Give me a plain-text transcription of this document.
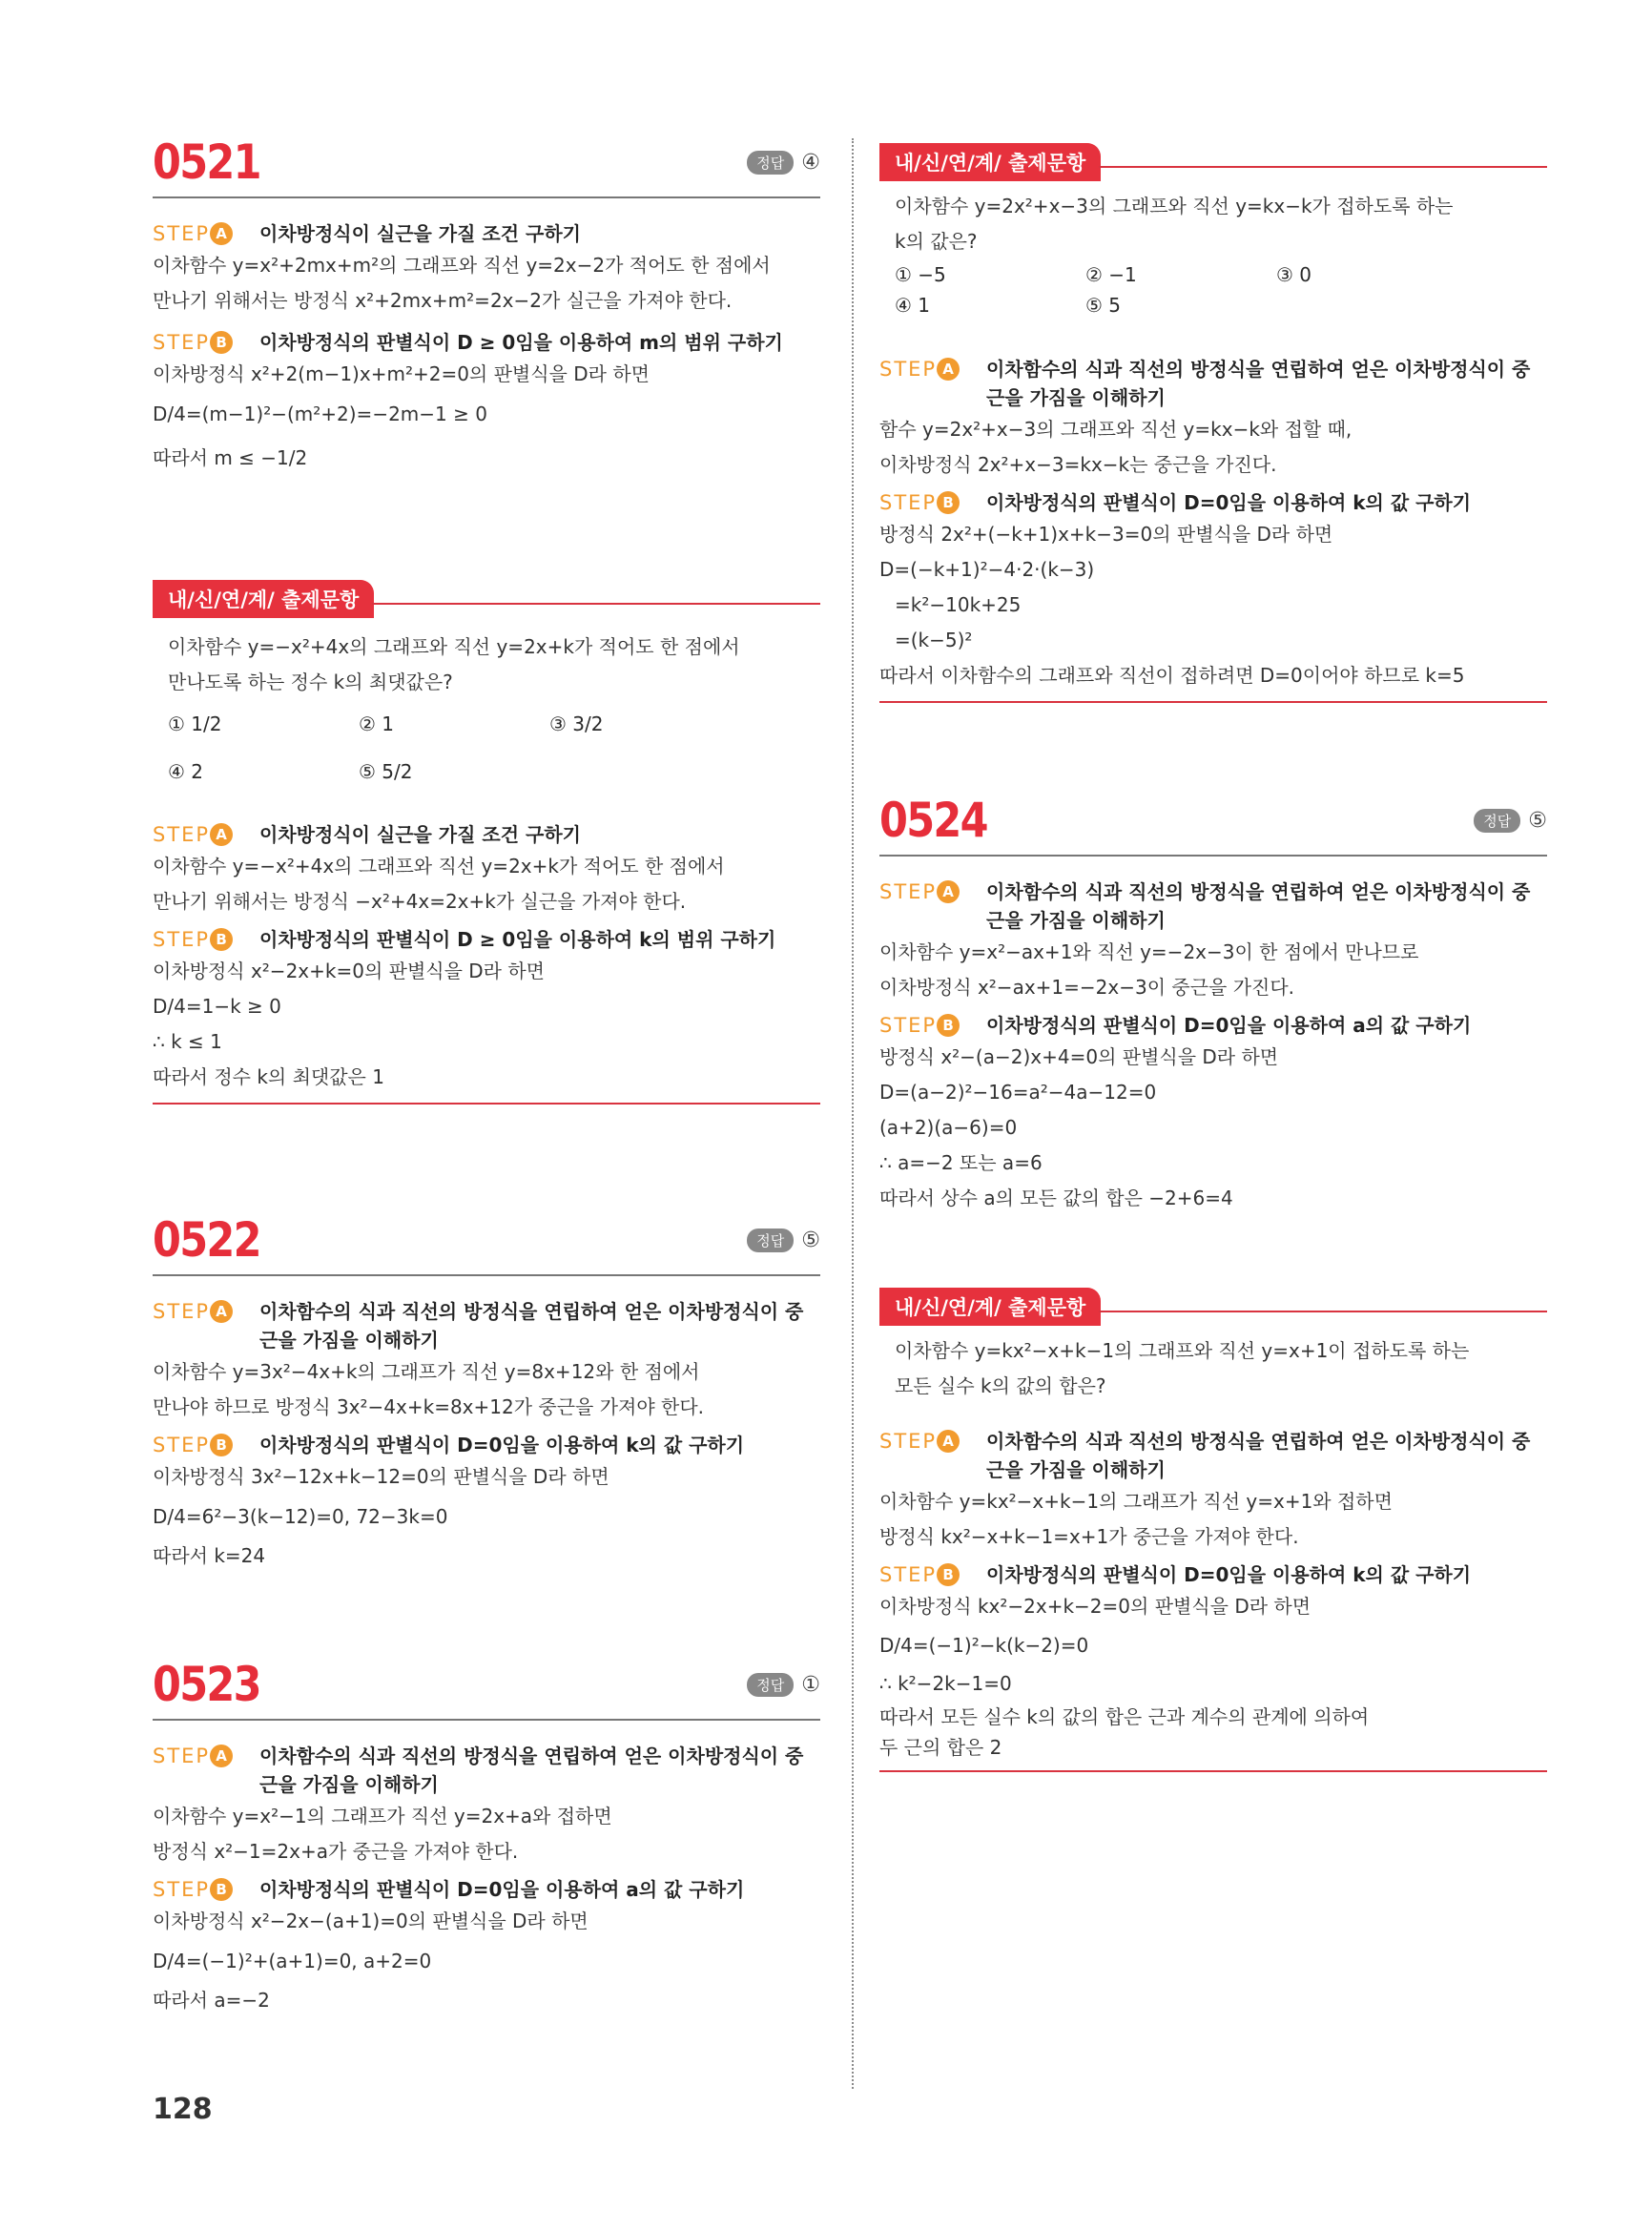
0521	정답 ④
STEP A	이차방정식이 실근을 가질 조건 구하기
이차함수 y=x²+2mx+m²의 그래프와 직선 y=2x−2가 적어도 한 점에서
만나기 위해서는 방정식 x²+2mx+m²=2x−2가 실근을 가져야 한다.
STEP B	이차방정식의 판별식이 D ≥ 0임을 이용하여 m의 범위 구하기
이차방정식 x²+2(m−1)x+m²+2=0의 판별식을 D라 하면
D/4=(m−1)²−(m²+2)=−2m−1 ≥ 0
따라서 m ≤ −1/2
내/신/연/계/ 출제문항
이차함수 y=−x²+4x의 그래프와 직선 y=2x+k가 적어도 한 점에서
만나도록 하는 정수 k의 최댓값은?
① 1/2	② 1	③ 3/2
④ 2	⑤ 5/2
STEP A	이차방정식이 실근을 가질 조건 구하기
이차함수 y=−x²+4x의 그래프와 직선 y=2x+k가 적어도 한 점에서
만나기 위해서는 방정식 −x²+4x=2x+k가 실근을 가져야 한다.
STEP B	이차방정식의 판별식이 D ≥ 0임을 이용하여 k의 범위 구하기
이차방정식 x²−2x+k=0의 판별식을 D라 하면
D/4=1−k ≥ 0
∴ k ≤ 1
따라서 정수 k의 최댓값은 1
0522	정답 ⑤
STEP A	이차함수의 식과 직선의 방정식을 연립하여 얻은 이차방정식이 중근을 가짐을 이해하기
이차함수 y=3x²−4x+k의 그래프가 직선 y=8x+12와 한 점에서
만나야 하므로 방정식 3x²−4x+k=8x+12가 중근을 가져야 한다.
STEP B	이차방정식의 판별식이 D=0임을 이용하여 k의 값 구하기
이차방정식 3x²−12x+k−12=0의 판별식을 D라 하면
D/4=6²−3(k−12)=0, 72−3k=0
따라서 k=24
0523	정답 ①
STEP A	이차함수의 식과 직선의 방정식을 연립하여 얻은 이차방정식이 중근을 가짐을 이해하기
이차함수 y=x²−1의 그래프가 직선 y=2x+a와 접하면
방정식 x²−1=2x+a가 중근을 가져야 한다.
STEP B	이차방정식의 판별식이 D=0임을 이용하여 a의 값 구하기
이차방정식 x²−2x−(a+1)=0의 판별식을 D라 하면
D/4=(−1)²+(a+1)=0, a+2=0
따라서 a=−2
내/신/연/계/ 출제문항
이차함수 y=2x²+x−3의 그래프와 직선 y=kx−k가 접하도록 하는
k의 값은?
① −5	② −1	③ 0
④ 1	⑤ 5
STEP A	이차함수의 식과 직선의 방정식을 연립하여 얻은 이차방정식이 중근을 가짐을 이해하기
함수 y=2x²+x−3의 그래프와 직선 y=kx−k와 접할 때,
이차방정식 2x²+x−3=kx−k는 중근을 가진다.
STEP B	이차방정식의 판별식이 D=0임을 이용하여 k의 값 구하기
방정식 2x²+(−k+1)x+k−3=0의 판별식을 D라 하면
D=(−k+1)²−4·2·(k−3)
=k²−10k+25
=(k−5)²
따라서 이차함수의 그래프와 직선이 접하려면 D=0이어야 하므로 k=5
0524	정답 ⑤
STEP A	이차함수의 식과 직선의 방정식을 연립하여 얻은 이차방정식이 중근을 가짐을 이해하기
이차함수 y=x²−ax+1와 직선 y=−2x−3이 한 점에서 만나므로
이차방정식 x²−ax+1=−2x−3이 중근을 가진다.
STEP B	이차방정식의 판별식이 D=0임을 이용하여 a의 값 구하기
방정식 x²−(a−2)x+4=0의 판별식을 D라 하면
D=(a−2)²−16=a²−4a−12=0
(a+2)(a−6)=0
∴ a=−2 또는 a=6
따라서 상수 a의 모든 값의 합은 −2+6=4
내/신/연/계/ 출제문항
이차함수 y=kx²−x+k−1의 그래프와 직선 y=x+1이 접하도록 하는
모든 실수 k의 값의 합은?
STEP A	이차함수의 식과 직선의 방정식을 연립하여 얻은 이차방정식이 중근을 가짐을 이해하기
이차함수 y=kx²−x+k−1의 그래프가 직선 y=x+1와 접하면
방정식 kx²−x+k−1=x+1가 중근을 가져야 한다.
STEP B	이차방정식의 판별식이 D=0임을 이용하여 k의 값 구하기
이차방정식 kx²−2x+k−2=0의 판별식을 D라 하면
D/4=(−1)²−k(k−2)=0
∴ k²−2k−1=0
따라서 모든 실수 k의 값의 합은 근과 계수의 관계에 의하여
두 근의 합은 2
128
